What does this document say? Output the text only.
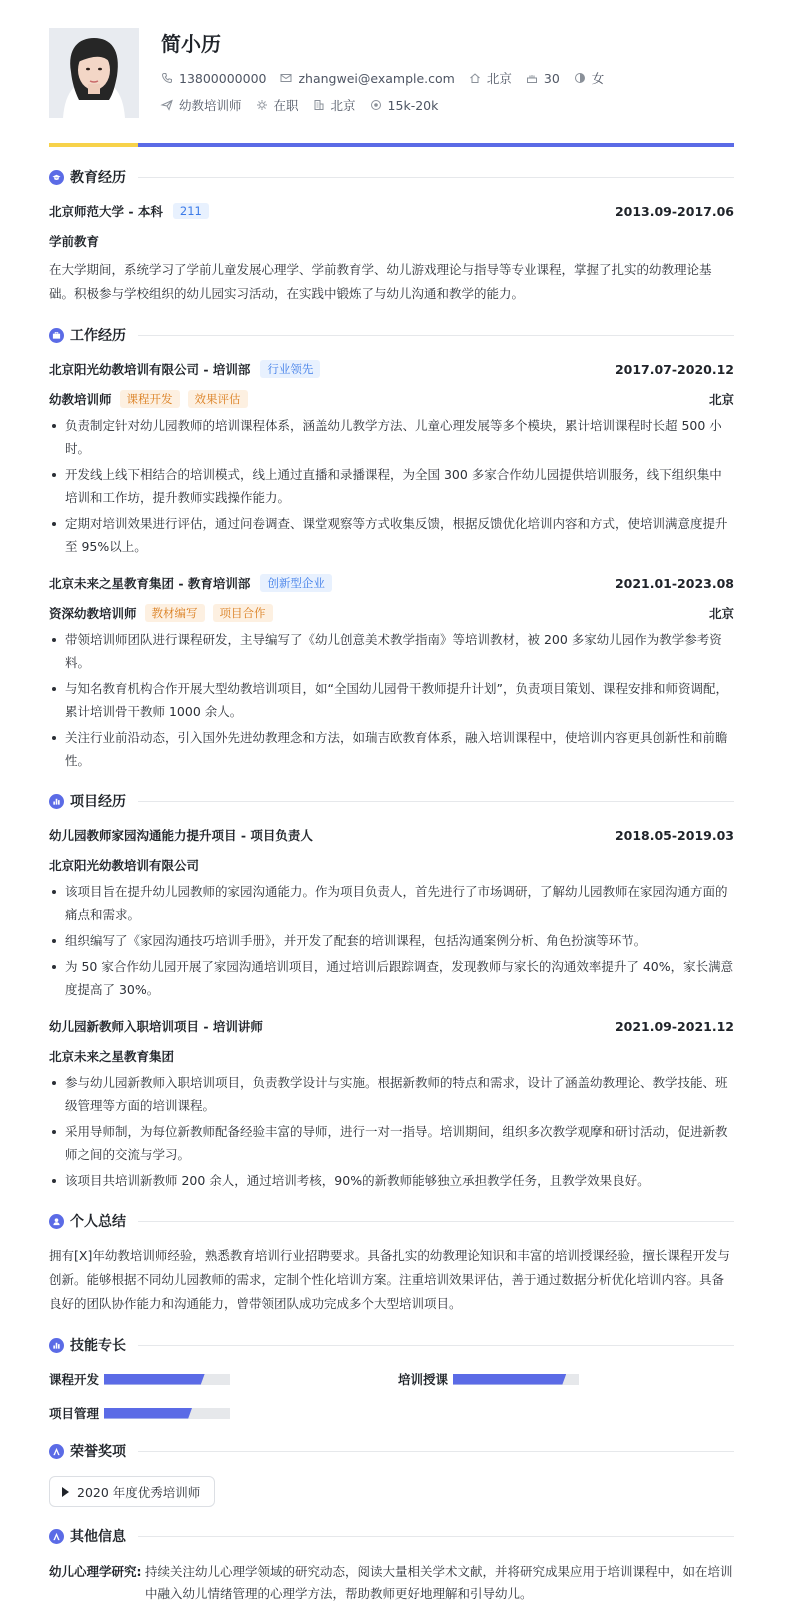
简小历
13800000000	zhangwei@example.com	北京	30	女
幼教培训师	在职	北京	15k-20k
教育经历
北京师范大学 - 本科	211	2013.09-2017.06
学前教育
在大学期间，系统学习了学前儿童发展心理学、学前教育学、幼儿游戏理论与指导等专业课程，掌握了扎实的幼教理论基础。积极参与学校组织的幼儿园实习活动，在实践中锻炼了与幼儿沟通和教学的能力。
工作经历
北京阳光幼教培训有限公司 - 培训部	行业领先	2017.07-2020.12
幼教培训师	课程开发	效果评估	北京
负责制定针对幼儿园教师的培训课程体系，涵盖幼儿教学方法、儿童心理发展等多个模块，累计培训课程时长超 500 小时。
开发线上线下相结合的培训模式，线上通过直播和录播课程，为全国 300 多家合作幼儿园提供培训服务，线下组织集中培训和工作坊，提升教师实践操作能力。
定期对培训效果进行评估，通过问卷调查、课堂观察等方式收集反馈，根据反馈优化培训内容和方式，使培训满意度提升至 95%以上。
北京未来之星教育集团 - 教育培训部	创新型企业	2021.01-2023.08
资深幼教培训师	教材编写	项目合作	北京
带领培训师团队进行课程研发，主导编写了《幼儿创意美术教学指南》等培训教材，被 200 多家幼儿园作为教学参考资料。
与知名教育机构合作开展大型幼教培训项目，如“全国幼儿园骨干教师提升计划”，负责项目策划、课程安排和师资调配，累计培训骨干教师 1000 余人。
关注行业前沿动态，引入国外先进幼教理念和方法，如瑞吉欧教育体系，融入培训课程中，使培训内容更具创新性和前瞻性。
项目经历
幼儿园教师家园沟通能力提升项目 - 项目负责人	2018.05-2019.03
北京阳光幼教培训有限公司
该项目旨在提升幼儿园教师的家园沟通能力。作为项目负责人，首先进行了市场调研，了解幼儿园教师在家园沟通方面的痛点和需求。
组织编写了《家园沟通技巧培训手册》，并开发了配套的培训课程，包括沟通案例分析、角色扮演等环节。
为 50 家合作幼儿园开展了家园沟通培训项目，通过培训后跟踪调查，发现教师与家长的沟通效率提升了 40%，家长满意度提高了 30%。
幼儿园新教师入职培训项目 - 培训讲师	2021.09-2021.12
北京未来之星教育集团
参与幼儿园新教师入职培训项目，负责教学设计与实施。根据新教师的特点和需求，设计了涵盖幼教理论、教学技能、班级管理等方面的培训课程。
采用导师制，为每位新教师配备经验丰富的导师，进行一对一指导。培训期间，组织多次教学观摩和研讨活动，促进新教师之间的交流与学习。
该项目共培训新教师 200 余人，通过培训考核，90%的新教师能够独立承担教学任务，且教学效果良好。
个人总结
拥有[X]年幼教培训师经验，熟悉教育培训行业招聘要求。具备扎实的幼教理论知识和丰富的培训授课经验，擅长课程开发与创新。能够根据不同幼儿园教师的需求，定制个性化培训方案。注重培训效果评估，善于通过数据分析优化培训内容。具备良好的团队协作能力和沟通能力，曾带领团队成功完成多个大型培训项目。
技能专长
课程开发	培训授课
项目管理
荣誉奖项
2020 年度优秀培训师
其他信息
幼儿心理学研究: 持续关注幼儿心理学领域的研究动态，阅读大量相关学术文献，并将研究成果应用于培训课程中，如在培训中融入幼儿情绪管理的心理学方法，帮助教师更好地理解和引导幼儿。
